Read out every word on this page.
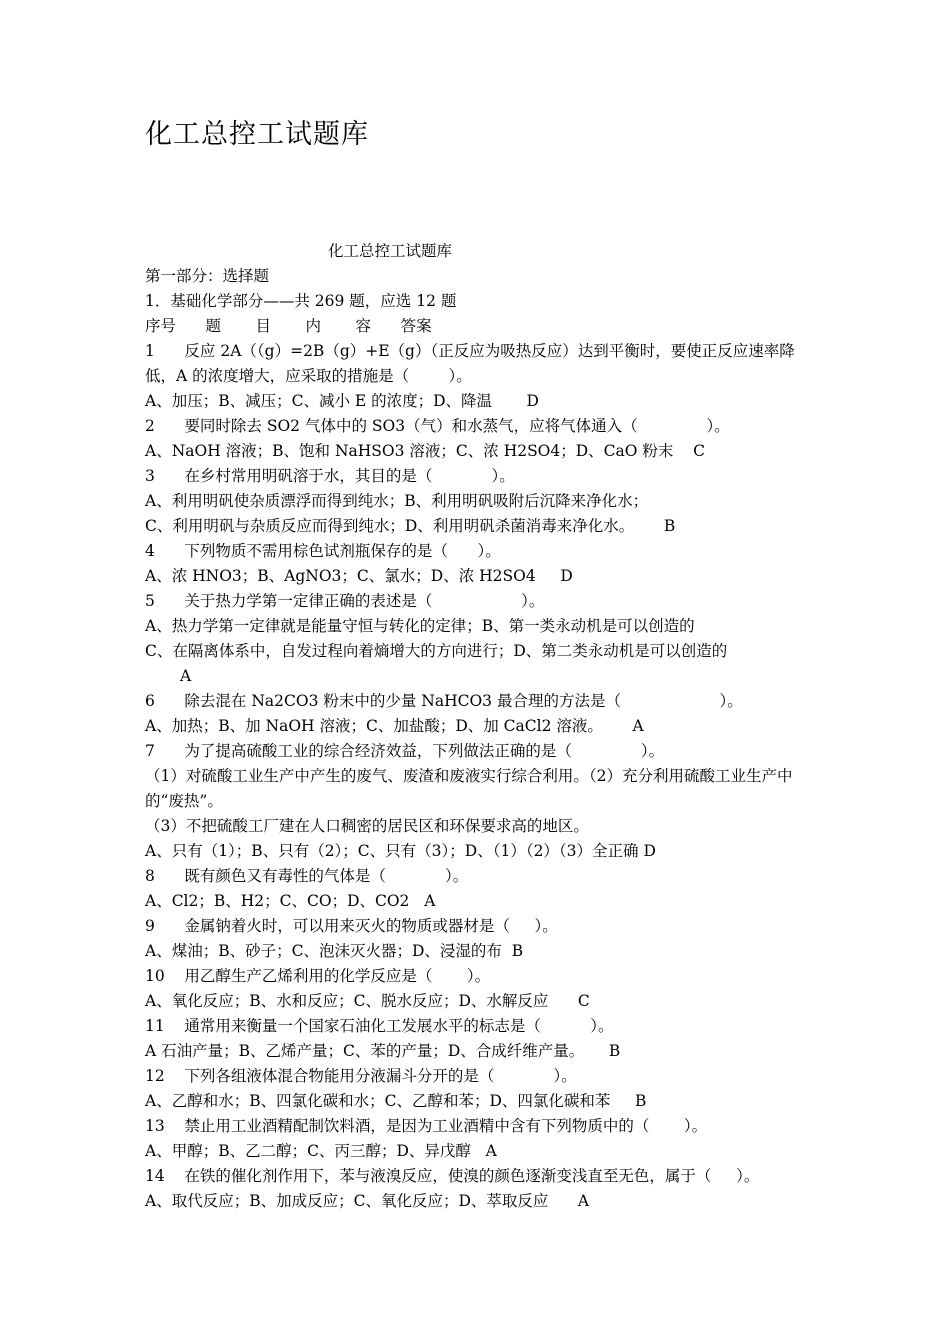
化工总控工试题库

化工总控工试题库

第一部分：选择题

1．基础化学部分——共 269 题，应选 12 题

序号      题       目       内       容      答案

1      反应 2A（（g）=2B（g）+E（g）（正反应为吸热反应）达到平衡时，要使正反应速率降低，A 的浓度增大，应采取的措施是（        ）。

A、加压；B、减压；C、减小 E 的浓度；D、降温       D

2      要同时除去 SO2 气体中的 SO3（气）和水蒸气，应将气体通入（              ）。

A、NaOH 溶液；B、饱和 NaHSO3 溶液；C、浓 H2SO4；D、CaO 粉末    C

3      在乡村常用明矾溶于水，其目的是（            ）。

A、利用明矾使杂质漂浮而得到纯水；B、利用明矾吸附后沉降来净化水；

C、利用明矾与杂质反应而得到纯水；D、利用明矾杀菌消毒来净化水。      B

4      下列物质不需用棕色试剂瓶保存的是（      ）。

A、浓 HNO3；B、AgNO3；C、氯水；D、浓 H2SO4     D

5      关于热力学第一定律正确的表述是（                  ）。

A、热力学第一定律就是能量守恒与转化的定律；B、第一类永动机是可以创造的

C、在隔离体系中，自发过程向着熵增大的方向进行；D、第二类永动机是可以创造的

A

6      除去混在 Na2CO3 粉末中的少量 NaHCO3 最合理的方法是（                    ）。

A、加热；B、加 NaOH 溶液；C、加盐酸；D、加 CaCl2 溶液。      A

7      为了提高硫酸工业的综合经济效益，下列做法正确的是（              ）。

（1）对硫酸工业生产中产生的废气、废渣和废液实行综合利用。（2）充分利用硫酸工业生产中的“废热”。

（3）不把硫酸工厂建在人口稠密的居民区和环保要求高的地区。

A、只有（1）；B、只有（2）；C、只有（3）；D、（1）（2）（3）全正确 D

8      既有颜色又有毒性的气体是（            ）。

A、Cl2；B、H2；C、CO；D、CO2   A

9      金属钠着火时，可以用来灭火的物质或器材是（     ）。

A、煤油；B、砂子；C、泡沫灭火器；D、浸湿的布  B

10    用乙醇生产乙烯利用的化学反应是（       ）。

A、氧化反应；B、水和反应；C、脱水反应；D、水解反应      C

11    通常用来衡量一个国家石油化工发展水平的标志是（          ）。

A 石油产量；B、乙烯产量；C、苯的产量；D、合成纤维产量。     B

12    下列各组液体混合物能用分液漏斗分开的是（            ）。

A、乙醇和水；B、四氯化碳和水；C、乙醇和苯；D、四氯化碳和苯     B

13    禁止用工业酒精配制饮料酒，是因为工业酒精中含有下列物质中的（       ）。

A、甲醇；B、乙二醇；C、丙三醇；D、异戊醇   A

14    在铁的催化剂作用下，苯与液溴反应，使溴的颜色逐渐变浅直至无色，属于（     ）。

A、取代反应；B、加成反应；C、氧化反应；D、萃取反应      A
